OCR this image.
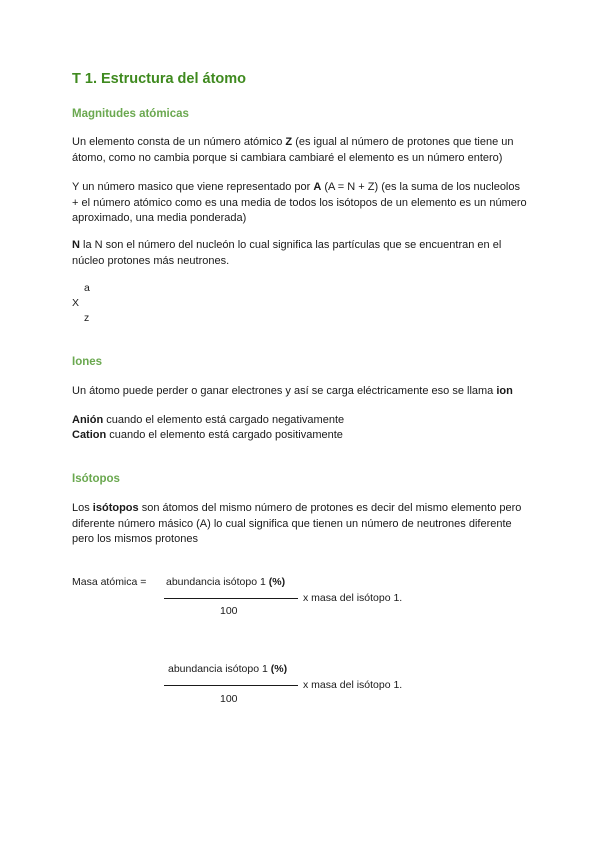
T 1. Estructura del átomo
Magnitudes atómicas
Un elemento consta de un número atómico Z (es igual al número de protones que tiene un átomo, como no cambia porque si cambiara cambiaré el elemento es un número entero)
Y un número masico que viene representado por A (A = N + Z) (es la suma de los nucleolos + el número atómico como es una media de todos los isótopos de un elemento es un número aproximado, una media ponderada)
N la N son el número del nucleón lo cual significa las partículas que se encuentran en el núcleo protones más neutrones.
a
X
z
Iones
Un átomo puede perder o ganar electrones y así se carga eléctricamente eso se llama ion
Anión cuando el elemento está cargado negativamente
Cation cuando el elemento está cargado positivamente
Isótopos
Los isótopos son átomos del mismo número de protones es decir del mismo elemento pero diferente número másico (A) lo cual significa que tienen un número de neutrones diferente pero los mismos protones
Masa atómica = abundancia isótopo 1 (%)
x masa del isótopo 1.
100
abundancia isótopo 1 (%)
x masa del isótopo 1.
100
